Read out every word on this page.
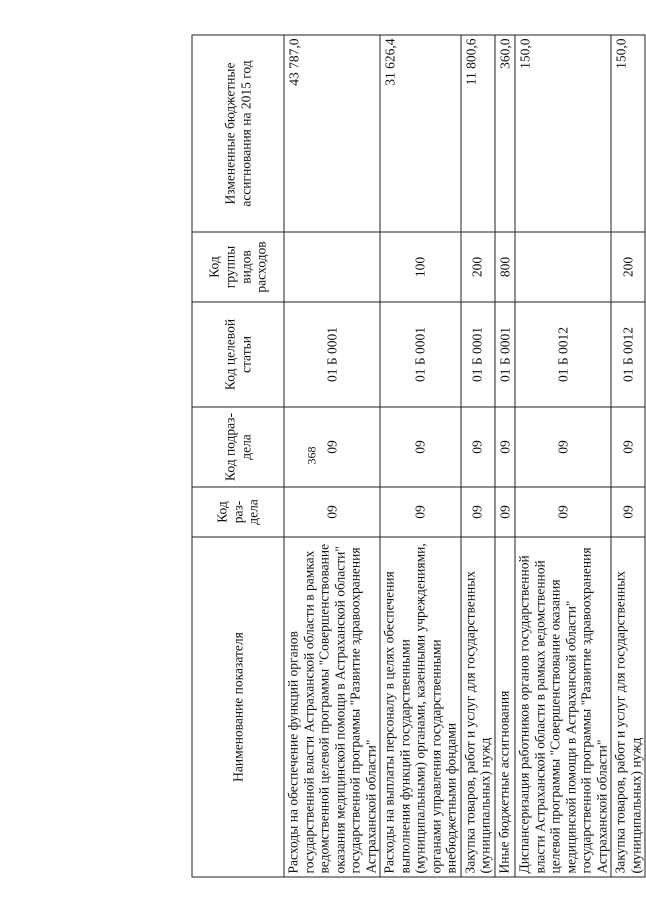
368
Наименование показателя	Код раз-дела	Код подраз-дела	Код целевой статьи	Код группы видов расходов	Измененные бюджетные ассигнования на 2015 год
Расходы на обеспечение функций органов государственной власти Астраханской области в рамках ведомственной целевой программы "Совершенствование оказания медицинской помощи в Астраханской области" государственной программы "Развитие здравоохранения Астраханской области"	09	09	01 Б 0001		43 787,0
Расходы на выплаты персоналу в целях обеспечения выполнения функций государственными (муниципальными) органами, казенными учреждениями, органами управления государственными внебюджетными фондами	09	09	01 Б 0001	100	31 626,4
Закупка товаров, работ и услуг для государственных (муниципальных) нужд	09	09	01 Б 0001	200	11 800,6
Иные бюджетные ассигнования	09	09	01 Б 0001	800	360,0
Диспансеризация работников органов государственной власти Астраханской области в рамках ведомственной целевой программы "Совершенствование оказания медицинской помощи в Астраханской области" государственной программы "Развитие здравоохранения Астраханской области"	09	09	01 Б 0012		150,0
Закупка товаров, работ и услуг для государственных (муниципальных) нужд	09	09	01 Б 0012	200	150,0
